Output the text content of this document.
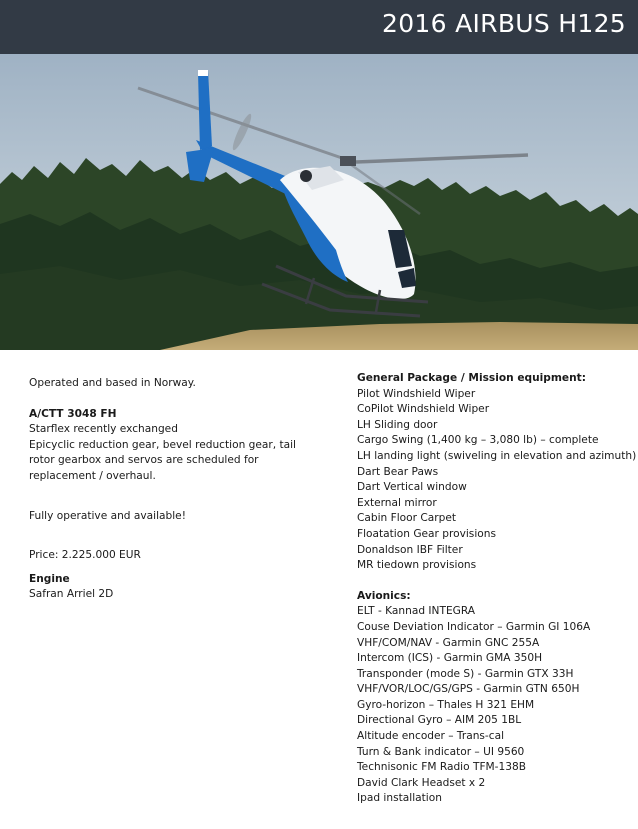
2016 AIRBUS H125
Operated and based in Norway.
A/CTT 3048 FH
Starflex recently exchanged
Epicyclic reduction gear, bevel reduction gear, tail rotor gearbox and servos are scheduled for replacement / overhaul.
Fully operative and available!
Price: 2.225.000 EUR
Engine
Safran Arriel 2D
General Package / Mission equipment:
Pilot Windshield Wiper
CoPilot Windshield Wiper
LH Sliding door
Cargo Swing (1,400 kg – 3,080 lb) – complete
LH landing light (swiveling in elevation and azimuth)
Dart Bear Paws
Dart Vertical window
External mirror
Cabin Floor Carpet
Floatation Gear provisions
Donaldson IBF Filter
MR tiedown provisions
Avionics:
ELT - Kannad INTEGRA
Couse Deviation Indicator – Garmin GI 106A
VHF/COM/NAV - Garmin GNC 255A
Intercom (ICS) - Garmin GMA 350H
Transponder (mode S) - Garmin GTX 33H
VHF/VOR/LOC/GS/GPS - Garmin GTN 650H
Gyro-horizon – Thales H 321 EHM
Directional Gyro – AIM 205 1BL
Altitude encoder – Trans-cal
Turn & Bank indicator – UI 9560
Technisonic FM Radio TFM-138B
David Clark Headset x 2
Ipad installation
